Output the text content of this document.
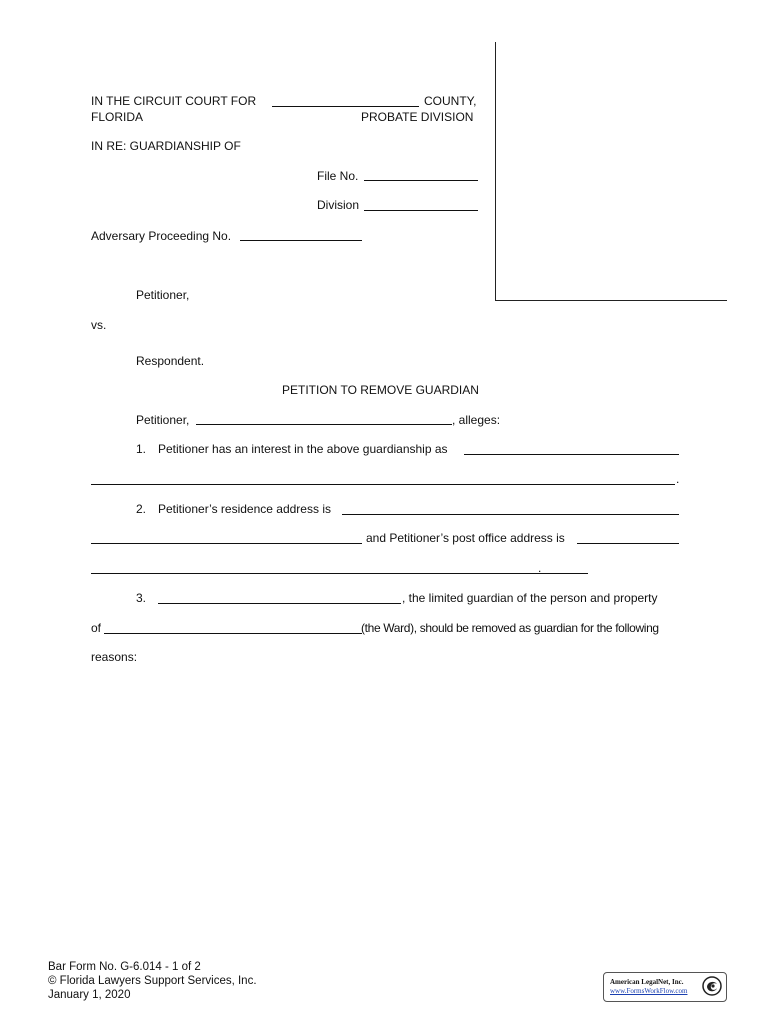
IN THE CIRCUIT COURT FOR	COUNTY,
FLORIDA	PROBATE DIVISION
IN RE: GUARDIANSHIP OF
File No.
Division
Adversary Proceeding No.
Petitioner,
vs.
Respondent.
PETITION TO REMOVE GUARDIAN
Petitioner,	, alleges:
1. Petitioner has an interest in the above guardianship as
.
2. Petitioner’s residence address is
and Petitioner’s post office address is
.
3.	, the limited guardian of the person and property
of	(the Ward), should be removed as guardian for the following
reasons:
Bar Form No. G-6.014 - 1 of 2
© Florida Lawyers Support Services, Inc.
January 1, 2020
American LegalNet, Inc.
www.FormsWorkFlow.com
